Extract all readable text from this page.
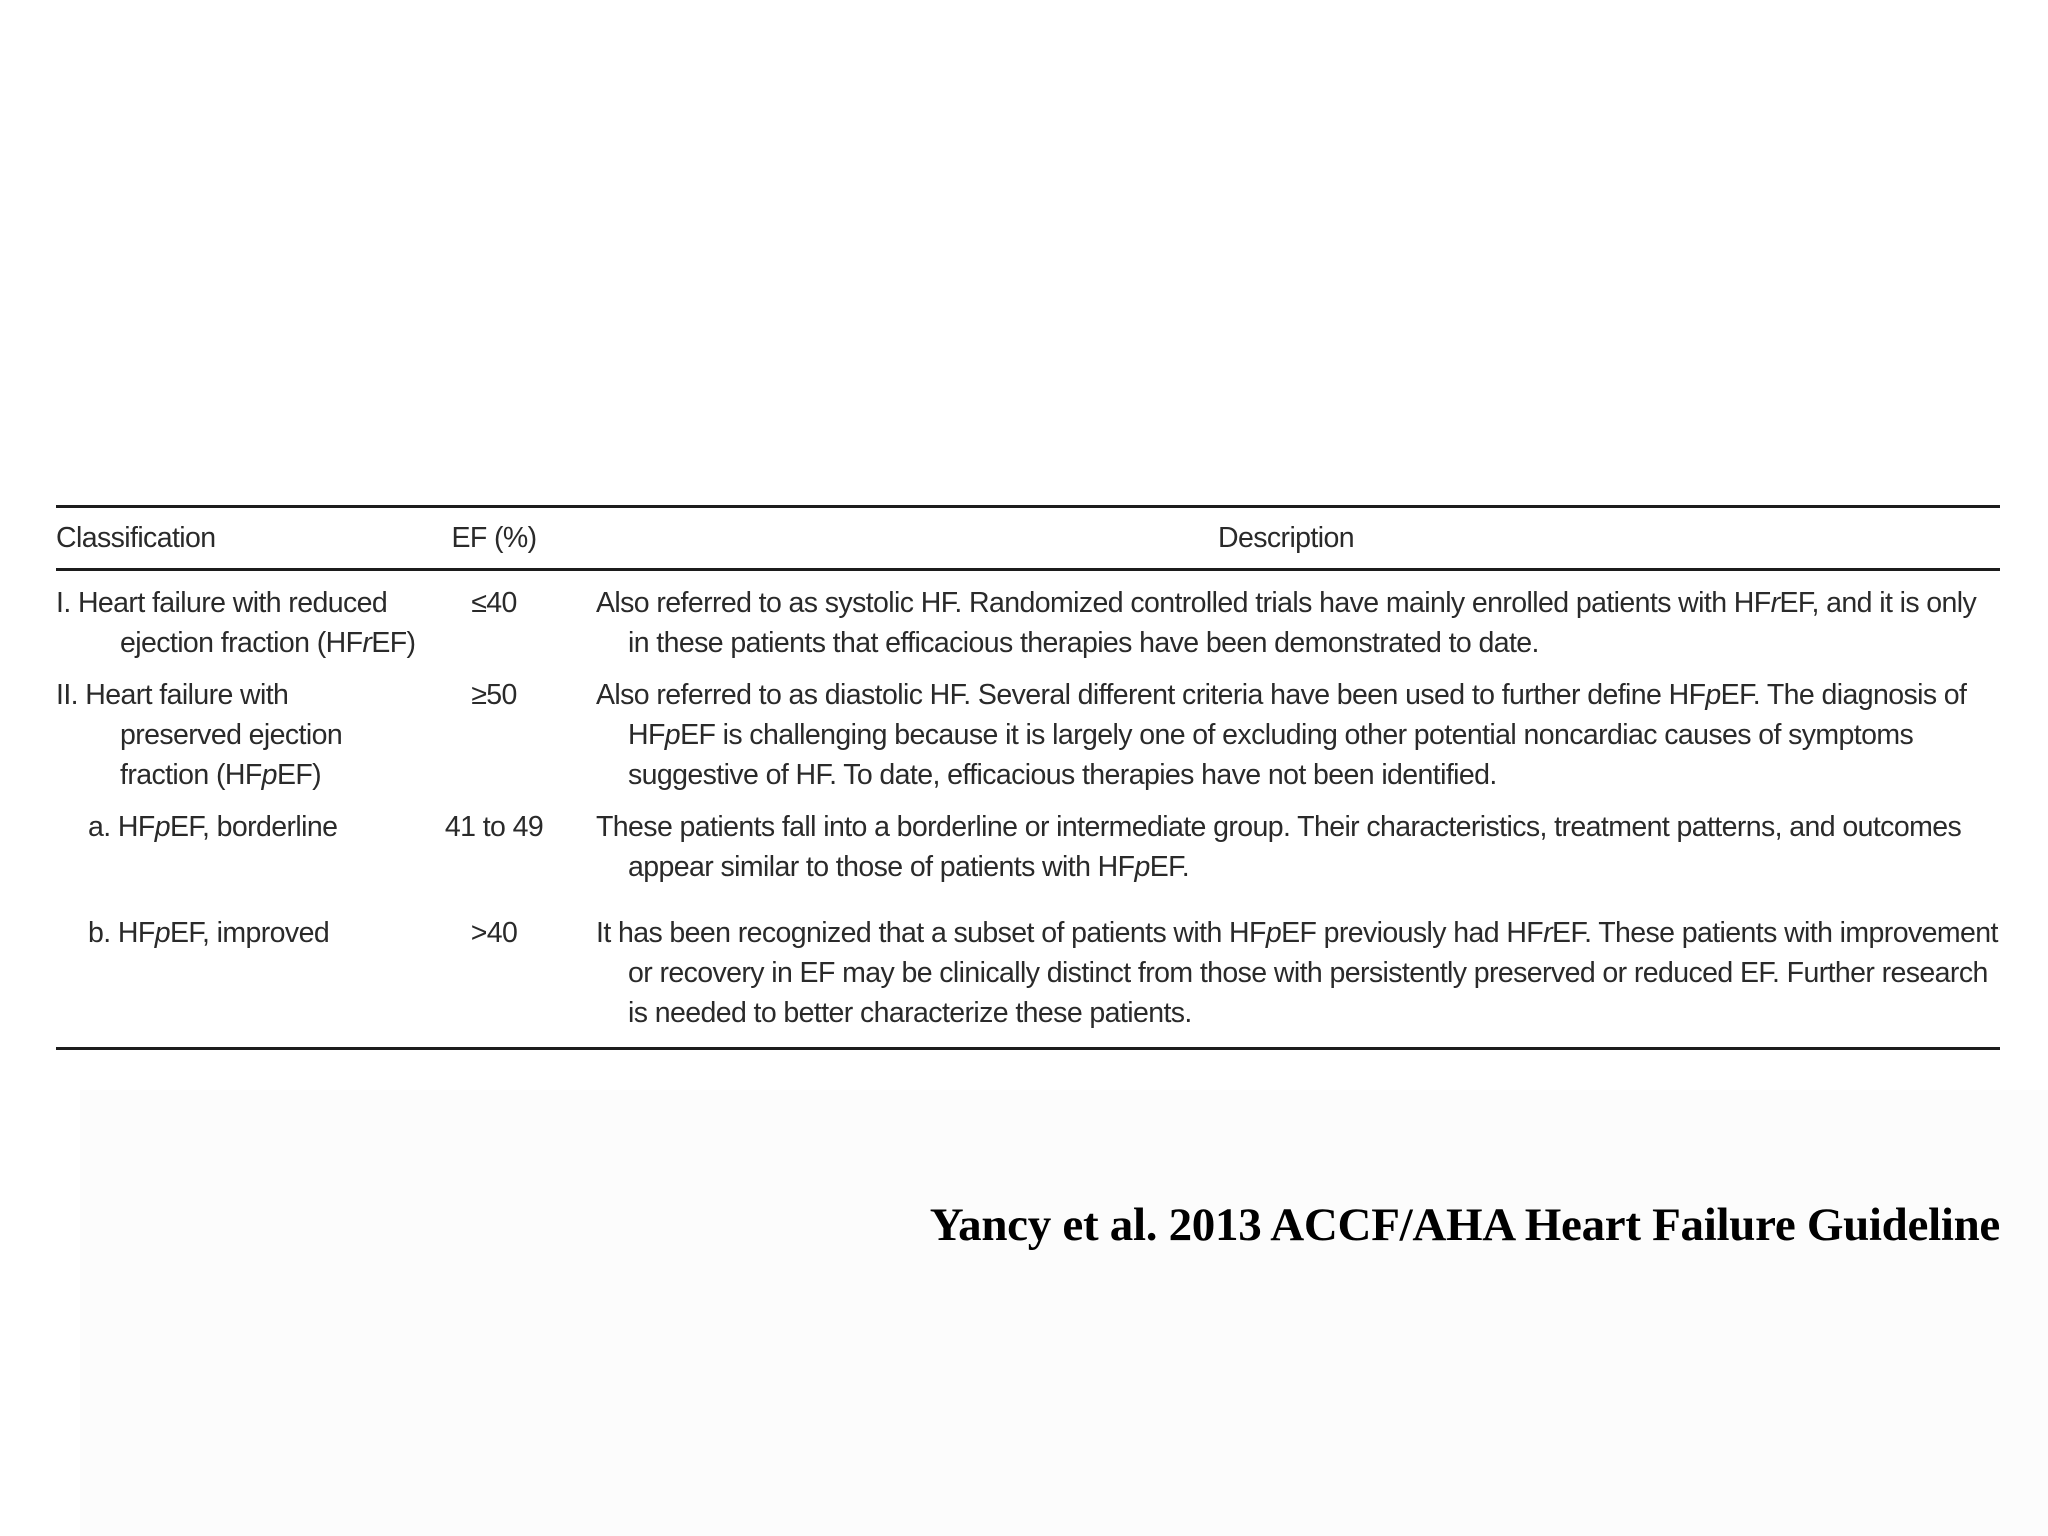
Classification	EF (%)	Description

I. Heart failure with reduced ejection fraction (HFrEF)	≤40	Also referred to as systolic HF. Randomized controlled trials have mainly enrolled patients with HFrEF, and it is only in these patients that efficacious therapies have been demonstrated to date.

II. Heart failure with preserved ejection fraction (HFpEF)	≥50	Also referred to as diastolic HF. Several different criteria have been used to further define HFpEF. The diagnosis of HFpEF is challenging because it is largely one of excluding other potential noncardiac causes of symptoms suggestive of HF. To date, efficacious therapies have not been identified.

a. HFpEF, borderline	41 to 49	These patients fall into a borderline or intermediate group. Their characteristics, treatment patterns, and outcomes appear similar to those of patients with HFpEF.

b. HFpEF, improved	>40	It has been recognized that a subset of patients with HFpEF previously had HFrEF. These patients with improvement or recovery in EF may be clinically distinct from those with persistently preserved or reduced EF. Further research is needed to better characterize these patients.
Yancy et al. 2013 ACCF/AHA Heart Failure Guideline
